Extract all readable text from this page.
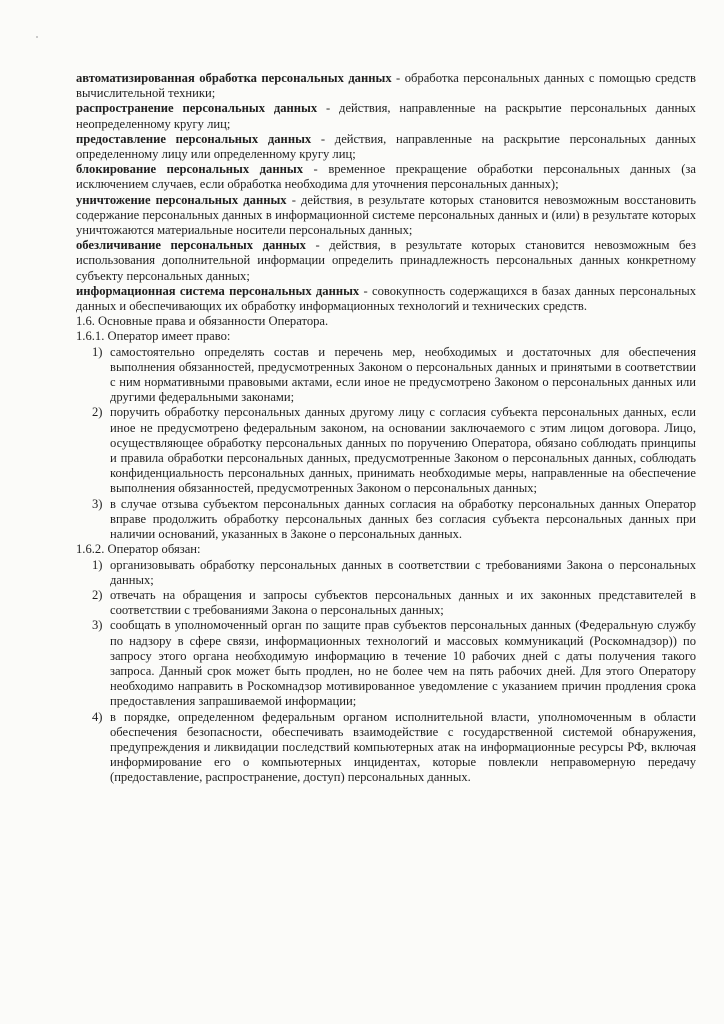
автоматизированная обработка персональных данных - обработка персональных данных с помощью средств вычислительной техники;

распространение персональных данных - действия, направленные на раскрытие персональных данных неопределенному кругу лиц;

предоставление персональных данных - действия, направленные на раскрытие персональных данных определенному лицу или определенному кругу лиц;

блокирование персональных данных - временное прекращение обработки персональных данных (за исключением случаев, если обработка необходима для уточнения персональных данных);

уничтожение персональных данных - действия, в результате которых становится невозможным восстановить содержание персональных данных в информационной системе персональных данных и (или) в результате которых уничтожаются материальные носители персональных данных;

обезличивание персональных данных - действия, в результате которых становится невозможным без использования дополнительной информации определить принадлежность персональных данных конкретному субъекту персональных данных;

информационная система персональных данных - совокупность содержащихся в базах данных персональных данных и обеспечивающих их обработку информационных технологий и технических средств.

1.6. Основные права и обязанности Оператора.

1.6.1. Оператор имеет право:

1) самостоятельно определять состав и перечень мер, необходимых и достаточных для обеспечения выполнения обязанностей, предусмотренных Законом о персональных данных и принятыми в соответствии с ним нормативными правовыми актами, если иное не предусмотрено Законом о персональных данных или другими федеральными законами;
2) поручить обработку персональных данных другому лицу с согласия субъекта персональных данных, если иное не предусмотрено федеральным законом, на основании заключаемого с этим лицом договора. Лицо, осуществляющее обработку персональных данных по поручению Оператора, обязано соблюдать принципы и правила обработки персональных данных, предусмотренные Законом о персональных данных, соблюдать конфиденциальность персональных данных, принимать необходимые меры, направленные на обеспечение выполнения обязанностей, предусмотренных Законом о персональных данных;
3) в случае отзыва субъектом персональных данных согласия на обработку персональных данных Оператор вправе продолжить обработку персональных данных без согласия субъекта персональных данных при наличии оснований, указанных в Законе о персональных данных.

1.6.2. Оператор обязан:

1) организовывать обработку персональных данных в соответствии с требованиями Закона о персональных данных;
2) отвечать на обращения и запросы субъектов персональных данных и их законных представителей в соответствии с требованиями Закона о персональных данных;
3) сообщать в уполномоченный орган по защите прав субъектов персональных данных (Федеральную службу по надзору в сфере связи, информационных технологий и массовых коммуникаций (Роскомнадзор)) по запросу этого органа необходимую информацию в течение 10 рабочих дней с даты получения такого запроса. Данный срок может быть продлен, но не более чем на пять рабочих дней. Для этого Оператору необходимо направить в Роскомнадзор мотивированное уведомление с указанием причин продления срока предоставления запрашиваемой информации;
4) в порядке, определенном федеральным органом исполнительной власти, уполномоченным в области обеспечения безопасности, обеспечивать взаимодействие с государственной системой обнаружения, предупреждения и ликвидации последствий компьютерных атак на информационные ресурсы РФ, включая информирование его о компьютерных инцидентах, которые повлекли неправомерную передачу (предоставление, распространение, доступ) персональных данных.
